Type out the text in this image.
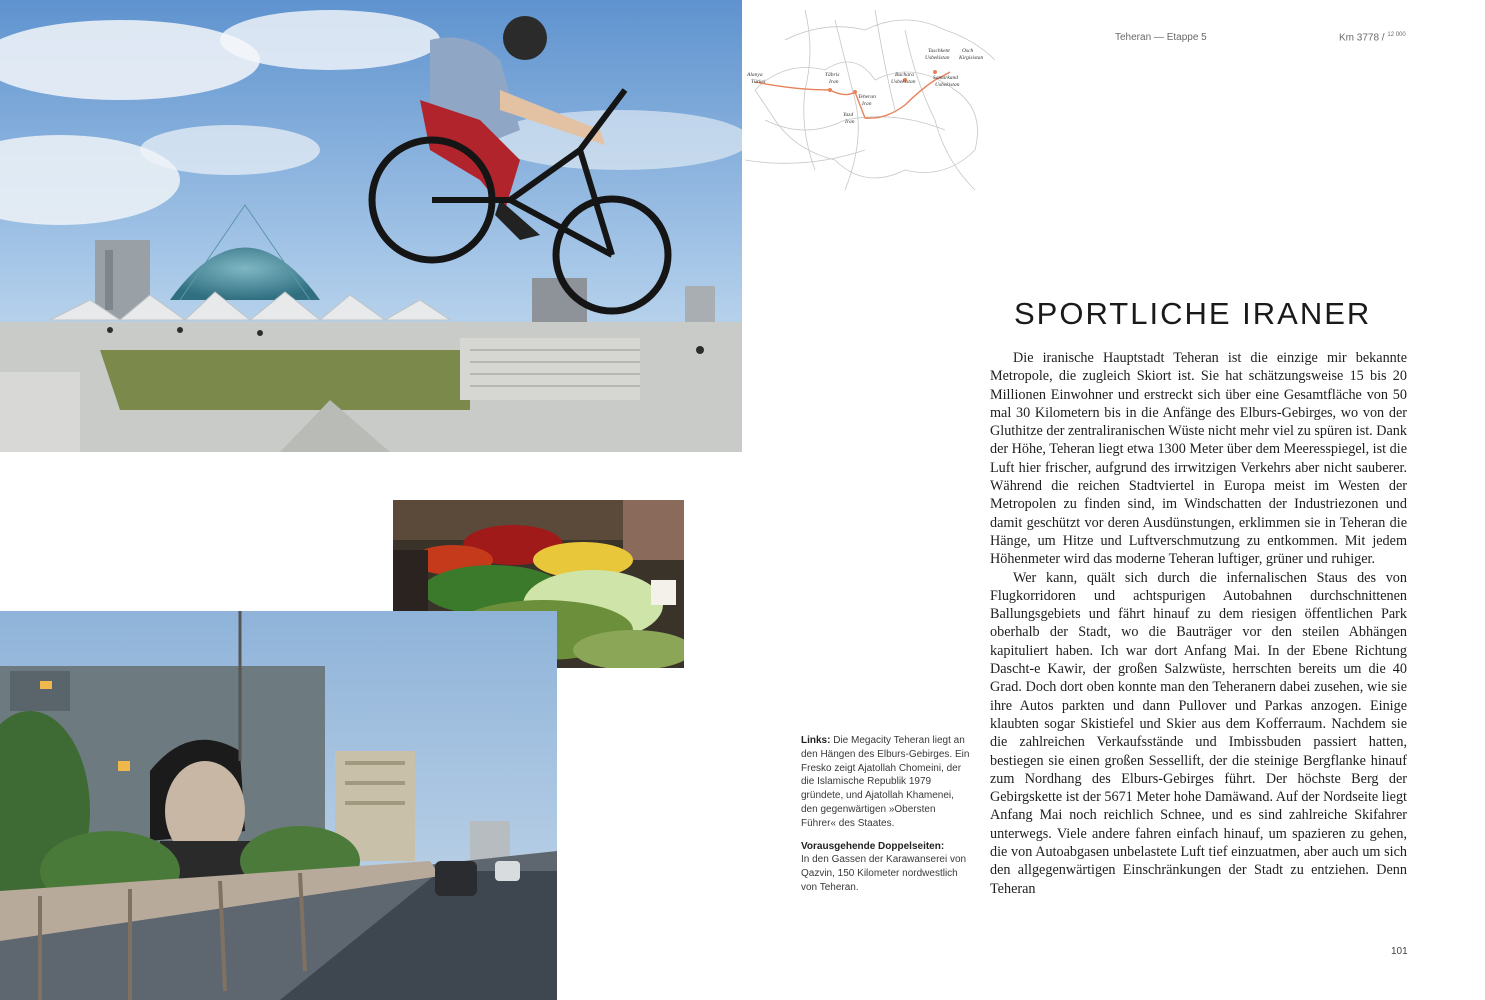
Alanya
Türkei
Täbris
Iran
Teheran
Iran
Yazd
Iran
Buchara
Usbekistan
Taschkent
Usbekistan
Osch
Kirgisistan
Samarkand
Usbekistan
Teheran — Etappe 5	Km 3778 / $^{12 000}$
SPORTLICHE IRANER

Die iranische Hauptstadt Teheran ist die einzige mir bekannte Metropole, die zugleich Skiort ist. Sie hat schätzungsweise 15 bis 20 Millionen Einwohner und erstreckt sich über eine Gesamtfläche von 50 mal 30 Kilometern bis in die Anfänge des Elburs-Gebirges, wo von der Gluthitze der zentraliranischen Wüste nicht mehr viel zu spüren ist. Dank der Höhe, Teheran liegt etwa 1300 Meter über dem Meeresspiegel, ist die Luft hier frischer, aufgrund des irrwitzigen Verkehrs aber nicht sauberer. Während die reichen Stadtviertel in Europa meist im Westen der Metropolen zu finden sind, im Windschatten der Industriezonen und damit geschützt vor deren Ausdünstungen, erklimmen sie in Teheran die Hänge, um Hitze und Luftverschmutzung zu entkommen. Mit jedem Höhenmeter wird das moderne Teheran luftiger, grüner und ruhiger.

Wer kann, quält sich durch die infernalischen Staus des von Flugkorridoren und achtspurigen Autobahnen durchschnittenen Ballungsgebiets und fährt hinauf zu dem riesigen öffentlichen Park oberhalb der Stadt, wo die Bauträger vor den steilen Abhängen kapituliert haben. Ich war dort Anfang Mai. In der Ebene Richtung Dascht-e Kawir, der großen Salzwüste, herrschten bereits um die 40 Grad. Doch dort oben konnte man den Teheranern dabei zusehen, wie sie ihre Autos parkten und dann Pullover und Parkas anzogen. Einige klaubten sogar Skistiefel und Skier aus dem Kofferraum. Nachdem sie die zahlreichen Verkaufsstände und Imbissbuden passiert hatten, bestiegen sie einen großen Sessellift, der die steinige Bergflanke hinauf zum Nordhang des Elburs-Gebirges führt. Der höchste Berg der Gebirgskette ist der 5671 Meter hohe Damäwand. Auf der Nordseite liegt Anfang Mai noch reichlich Schnee, und es sind zahlreiche Skifahrer unterwegs. Viele andere fahren einfach hinauf, um spazieren zu gehen, die von Autoabgasen unbelastete Luft tief einzuatmen, aber auch um sich den allgegenwärtigen Einschränkungen der Stadt zu entziehen. Denn Teheran

Links: Die Megacity Teheran liegt an den Hängen des Elburs-Gebirges. Ein Fresko zeigt Ajatollah Chomeini, der die Islamische Republik 1979 gründete, und Ajatollah Khamenei, den gegenwärtigen »Obersten Führer« des Staates.

Vorausgehende Doppelseiten:
In den Gassen der Karawanserei von Qazvin, 150 Kilometer nordwestlich von Teheran.

101
